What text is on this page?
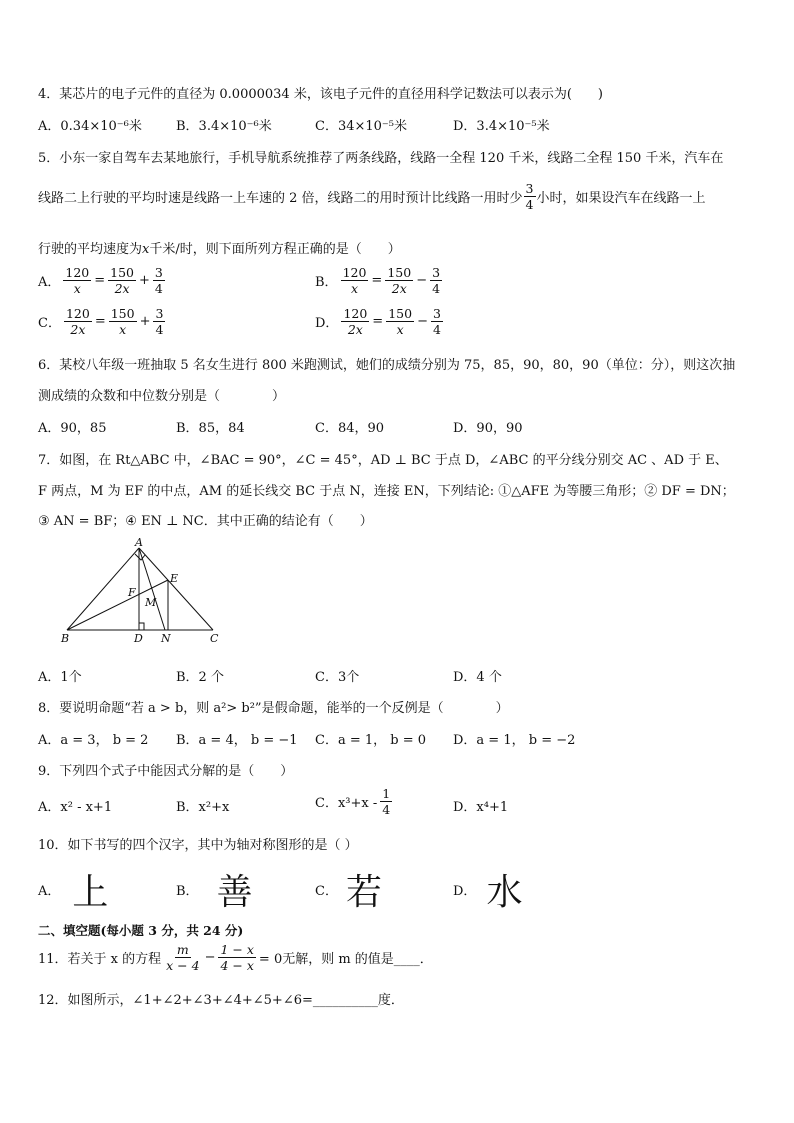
4．某芯片的电子元件的直径为 0.0000034 米，该电子元件的直径用科学记数法可以表示为(　　)
A．0.34×10⁻⁶米	B．3.4×10⁻⁶米	C．34×10⁻⁵米	D．3.4×10⁻⁵米
5．小东一家自驾车去某地旅行，手机导航系统推荐了两条线路，线路一全程 120 千米，线路二全程 150 千米，汽车在
线路二上行驶的平均时速是线路一上车速的 2 倍，线路二的用时预计比线路一用时少 $\frac{3}{4}$ 小时，如果设汽车在线路一上
行驶的平均速度为x千米/时，则下面所列方程正确的是（　　）
A． $\frac{120}{x} = \frac{150}{2x} + \frac{3}{4}$	B． $\frac{120}{x} = \frac{150}{2x} - \frac{3}{4}$
C． $\frac{120}{2x} = \frac{150}{x} + \frac{3}{4}$	D． $\frac{120}{2x} = \frac{150}{x} - \frac{3}{4}$
6．某校八年级一班抽取 5 名女生进行 800 米跑测试，她们的成绩分别为 75，85，90，80，90（单位：分），则这次抽
测成绩的众数和中位数分别是（　　　　）
A．90，85	B．85，84	C．84，90	D．90，90
7．如图，在 Rt△ABC 中，∠BAC = 90°，∠C = 45°，AD ⊥ BC 于点 D，∠ABC 的平分线分别交 AC 、AD 于 E、
F 两点，M 为 EF 的中点，AM 的延长线交 BC 于点 N，连接 EN，下列结论: ①△AFE 为等腰三角形；② DF = DN；
③ AN = BF；④ EN ⊥ NC．其中正确的结论有（　　）
A
E
F
M
B	D N	C
A．1个	B．2 个	C．3个	D．4 个
8．要说明命题“若 a > b，则 a²> b²”是假命题，能举的一个反例是（　　　　）
A．a = 3， b = 2 B．a = 4， b = −1 C．a = 1， b = 0 D．a = 1， b = −2
9．下列四个式子中能因式分解的是（　　）
A．x² - x+1	B．x²+x	C．$x^3+x - \frac{1}{4}$	D．x⁴+1
10．如下书写的四个汉字，其中为轴对称图形的是（ ）
A． 上	B． 善	C． 若	D． 水
二、填空题(每小题 3 分，共 24 分)
11．若关于 x 的方程 $\frac{m}{x - 4} - \frac{1 - x}{4 - x} = 0$无解，则 m 的值是____．
12．如图所示，∠1+∠2+∠3+∠4+∠5+∠6=__________度．
